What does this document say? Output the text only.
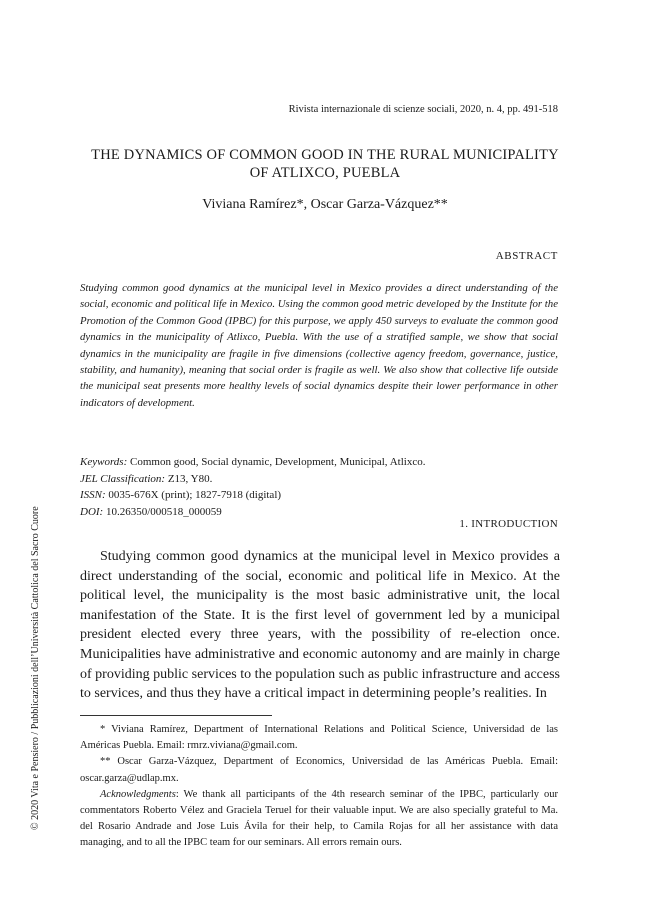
Rivista internazionale di scienze sociali, 2020, n. 4, pp. 491-518
THE DYNAMICS OF COMMON GOOD IN THE RURAL MUNICIPALITY
OF ATLIXCO, PUEBLA
Viviana Ramírez*, Oscar Garza-Vázquez**
ABSTRACT
Studying common good dynamics at the municipal level in Mexico provides a direct understanding of the social, economic and political life in Mexico. Using the common good metric developed by the Institute for the Promotion of the Common Good (IPBC) for this purpose, we apply 450 surveys to evaluate the common good dynamics in the municipality of Atlixco, Puebla. With the use of a stratified sample, we show that social dynamics in the municipality are fragile in five dimensions (collective agency freedom, governance, justice, stability, and humanity), meaning that social order is fragile as well. We also show that collective life outside the municipal seat presents more healthy levels of social dynamics despite their lower performance in other indicators of development.
Keywords: Common good, Social dynamic, Development, Municipal, Atlixco.
JEL Classification: Z13, Y80.
ISSN: 0035-676X (print); 1827-7918 (digital)
DOI: 10.26350/000518_000059
1. INTRODUCTION

Studying common good dynamics at the municipal level in Mexico provides a direct understanding of the social, economic and political life in Mexico. At the political level, the municipality is the most basic administrative unit, the local manifestation of the State. It is the first level of government led by a municipal president elected every three years, with the possibility of re-election once. Municipalities have administrative and economic autonomy and are mainly in charge of providing public services to the population such as public infrastructure and access to services, and thus they have a critical impact in determining people’s realities. In

* Viviana Ramírez, Department of International Relations and Political Science, Universidad de las Américas Puebla. Email: rmrz.viviana@gmail.com.

** Oscar Garza-Vázquez, Department of Economics, Universidad de las Américas Puebla. Email: oscar.garza@udlap.mx.

Acknowledgments: We thank all participants of the 4th research seminar of the IPBC, particularly our commentators Roberto Vélez and Graciela Teruel for their valuable input. We are also specially grateful to Ma. del Rosario Andrade and Jose Luis Ávila for their help, to Camila Rojas for all her assistance with data managing, and to all the IPBC team for our seminars. All errors remain ours.

© 2020 Vita e Pensiero / Pubblicazioni dell’Università Cattolica del Sacro Cuore
